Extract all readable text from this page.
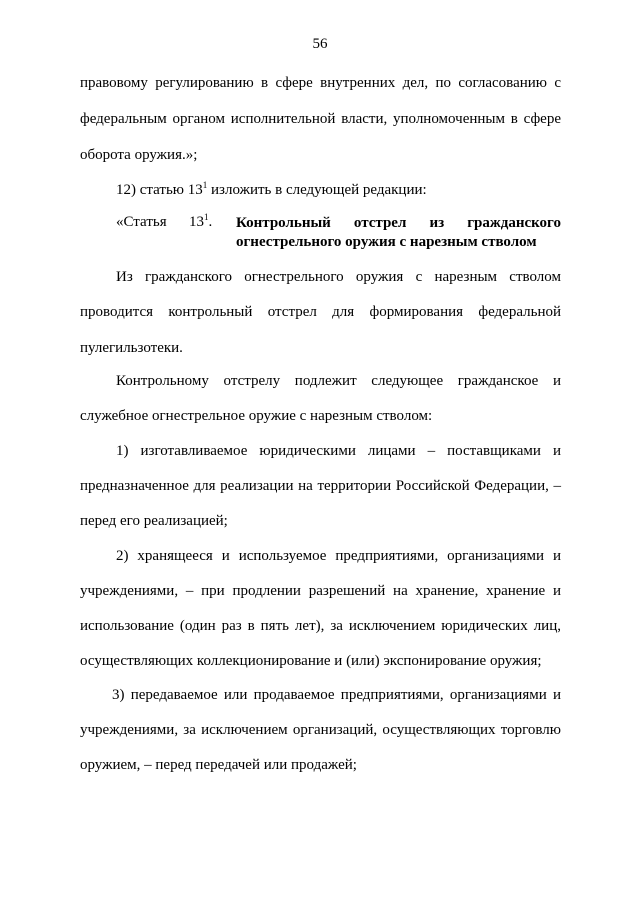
56
правовому регулированию в сфере внутренних дел, по согласованию с
федеральным органом исполнительной власти, уполномоченным в сфере
оборота оружия.»;
12) статью $13^1$ изложить в следующей редакции:
«Статья $13^1$. Контрольный отстрел из гражданского
огнестрельного оружия с нарезным стволом
Из гражданского огнестрельного оружия с нарезным стволом
проводится контрольный отстрел для формирования федеральной
пулегильзотеки.
Контрольному отстрелу подлежит следующее гражданское и
служебное огнестрельное оружие с нарезным стволом:
1) изготавливаемое юридическими лицами – поставщиками и
предназначенное для реализации на территории Российской Федерации, –
перед его реализацией;
2) хранящееся и используемое предприятиями, организациями и
учреждениями, – при продлении разрешений на хранение, хранение и
использование (один раз в пять лет), за исключением юридических лиц,
осуществляющих коллекционирование и (или) экспонирование оружия;
3) передаваемое или продаваемое предприятиями, организациями и
учреждениями, за исключением организаций, осуществляющих торговлю
оружием, – перед передачей или продажей;
